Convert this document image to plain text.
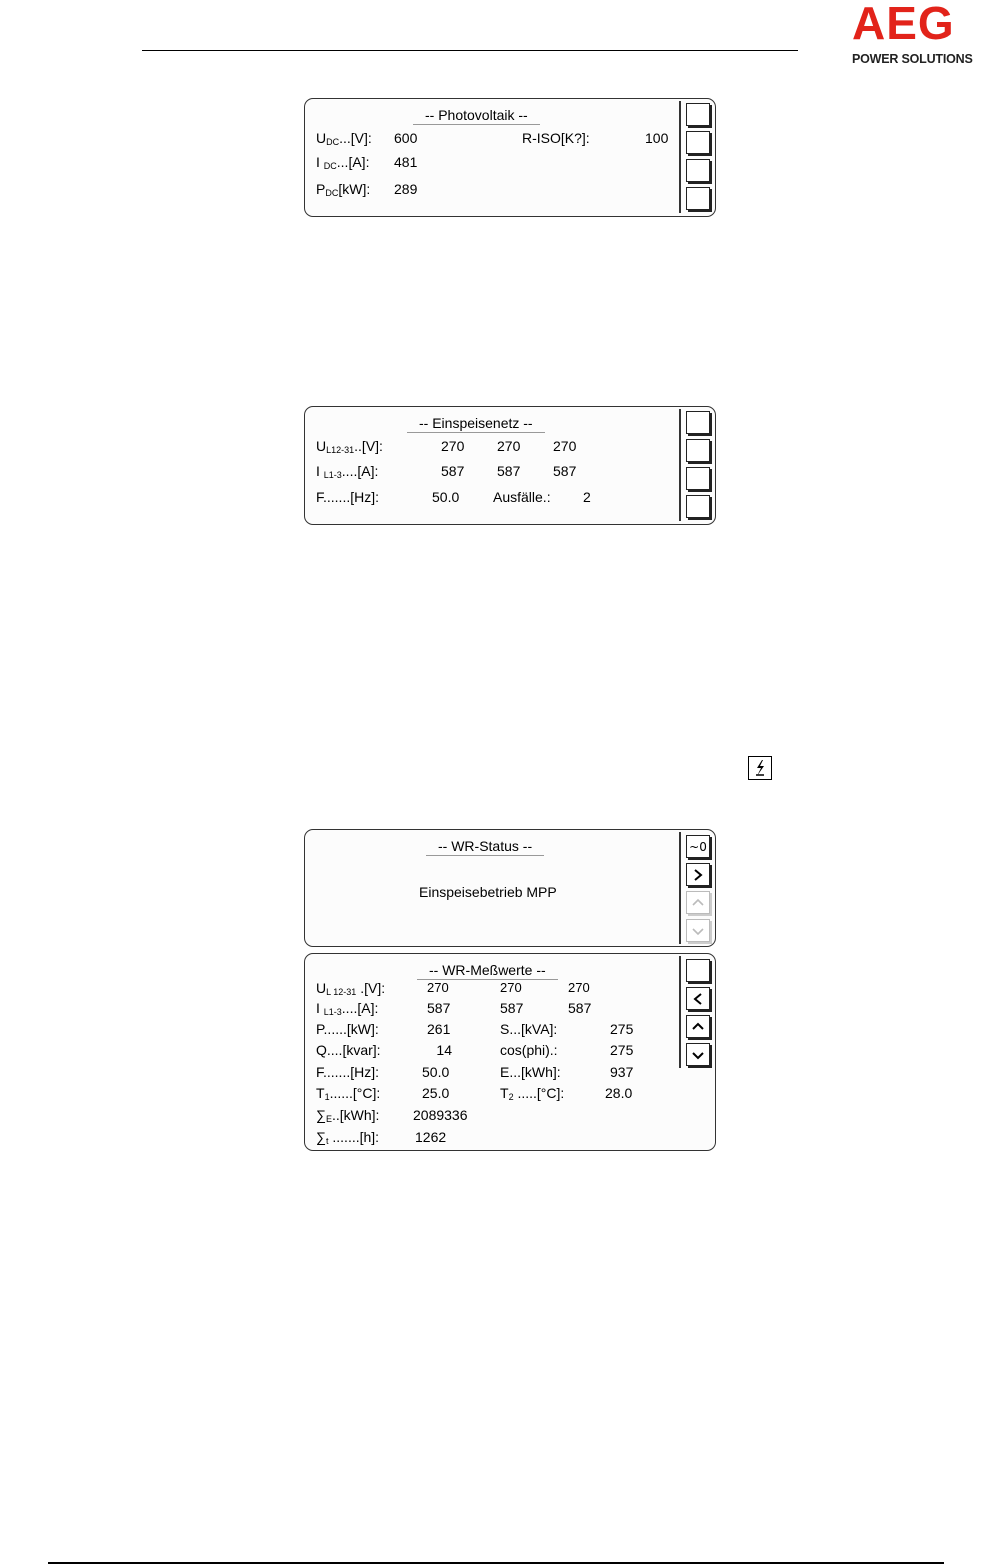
AEG
POWER SOLUTIONS
-- Photovoltaik --
$U_{DC}...[V]$: 600	R-ISO[K?]:	100
I $_{DC}$...[A]: 481
$P_{DC}[kW]$: 289
-- Einspeisenetz --
$U_{L12-31}..[V]$:	270 270 270
I $_{L1-3}$....[A]:	587 587 587
F.......[Hz]:	50.0 Ausfälle.: 2
-- WR-Status --
Einspeisebetrieb MPP
~0
-- WR-Meßwerte --
$U_{L 12-31}$ .[V]:	270	270	270
I $_{L1-3}$....[A]:	587	587	587
P......[kW]:	261	S...[kVA]:	275
Q....[kvar]:	14	cos(phi).:	275
F.......[Hz]:	50.0	E...[kWh]:	937
$T_1......[^\circ C]$:	25.0	$T_2$ .....[°C]:	28.0
$\sum_E..[kWh]$: 2089336
$\sum_t$ .......[h]:	1262
